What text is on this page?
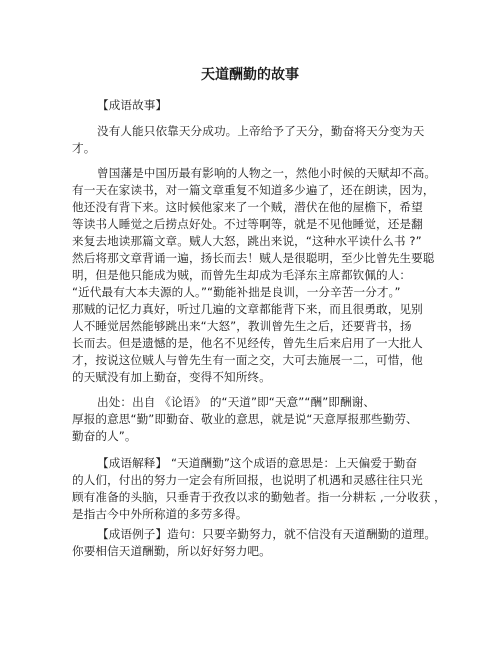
天道酬勤的故事
【成语故事】
没有人能只依靠天分成功。上帝给予了天分，勤奋将天分变为天
才。
曾国藩是中国历最有影响的人物之一，然他小时候的天赋却不高。
有一天在家读书，对一篇文章重复不知道多少遍了，还在朗读，因为，
他还没有背下来。这时候他家来了一个贼，潜伏在他的屋檐下，希望
等读书人睡觉之后捞点好处。不过等啊等，就是不见他睡觉，还是翻
来复去地读那篇文章。贼人大怒，跳出来说，“这种水平读什么书 ?”
然后将那文章背诵一遍，扬长而去！贼人是很聪明，至少比曾先生要聪
明，但是他只能成为贼，而曾先生却成为毛泽东主席都钦佩的人：
“近代最有大本夫源的人。”“勤能补拙是良训，一分辛苦一分才。”
那贼的记忆力真好，听过几遍的文章都能背下来，而且很勇敢，见别
人不睡觉居然能够跳出来“大怒”，教训曾先生之后，还要背书，扬
长而去。但是遗憾的是，他名不见经传，曾先生后来启用了一大批人
才，按说这位贼人与曾先生有一面之交，大可去施展一二，可惜，他
的天赋没有加上勤奋，变得不知所终。
出处：出自 《论语》 的“天道”即“天意”“酬”即酬谢、
厚报的意思“勤”即勤奋、敬业的意思，就是说“天意厚报那些勤劳、
勤奋的人”。
【成语解释】 “天道酬勤”这个成语的意思是：上天偏爱于勤奋
的人们，付出的努力一定会有所回报，也说明了机遇和灵感往往只光
顾有准备的头脑，只垂青于孜孜以求的勤勉者。指一分耕耘 ,一分收获 ，
是指古今中外所称道的多劳多得。
【成语例子】造句：只要辛勤努力，就不信没有天道酬勤的道理。
你要相信天道酬勤，所以好好努力吧。
